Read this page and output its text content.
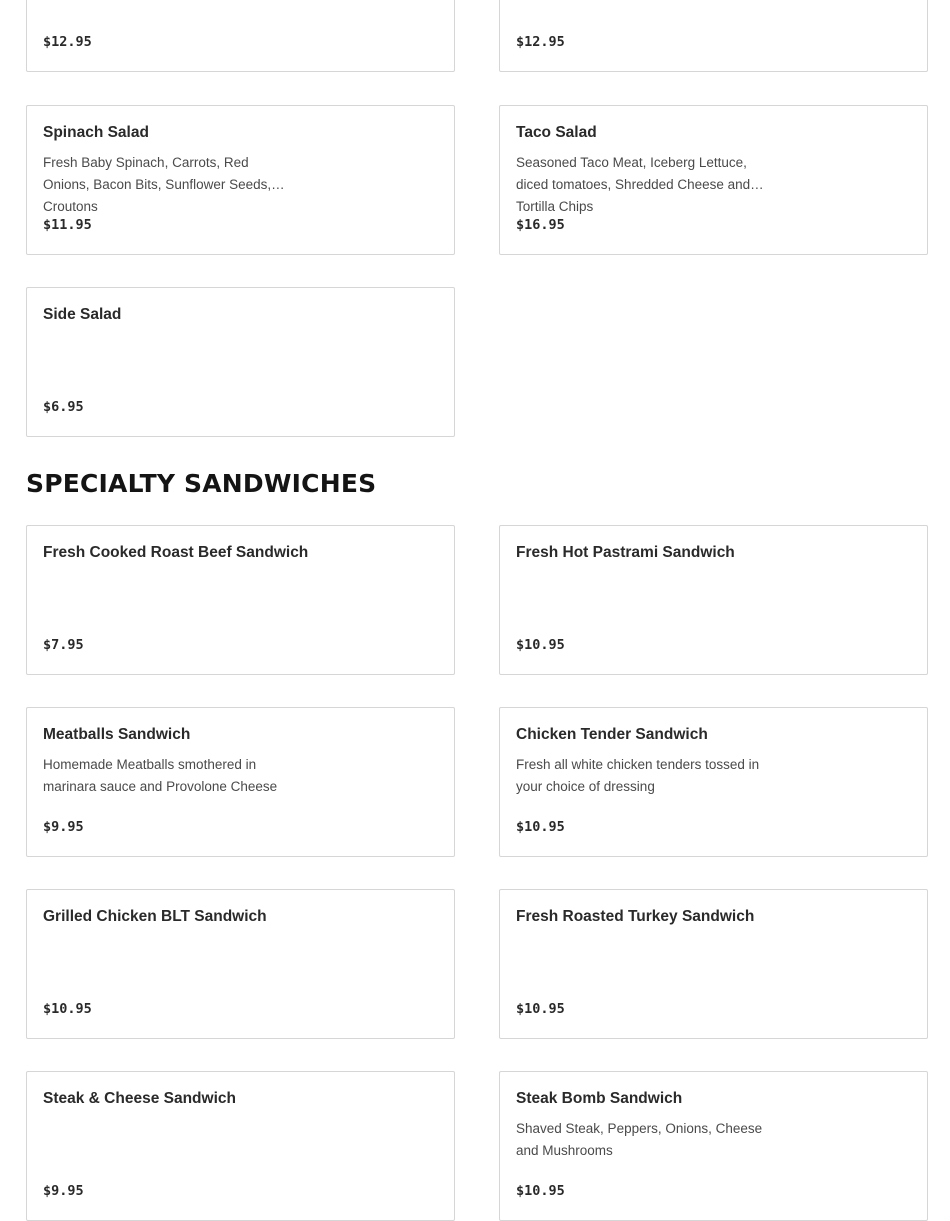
$12.95	$12.95
Spinach Salad
Fresh Baby Spinach, Carrots, Red Onions, Bacon Bits, Sunflower Seeds, Croutons
$11.95
Taco Salad
Seasoned Taco Meat, Iceberg Lettuce, diced tomatoes, Shredded Cheese and Tortilla Chips
$16.95
Side Salad
$6.95
SPECIALTY SANDWICHES
Fresh Cooked Roast Beef Sandwich
$7.95
Fresh Hot Pastrami Sandwich
$10.95
Meatballs Sandwich
Homemade Meatballs smothered in marinara sauce and Provolone Cheese
$9.95
Chicken Tender Sandwich
Fresh all white chicken tenders tossed in your choice of dressing
$10.95
Grilled Chicken BLT Sandwich
$10.95
Fresh Roasted Turkey Sandwich
$10.95
Steak & Cheese Sandwich
$9.95
Steak Bomb Sandwich
Shaved Steak, Peppers, Onions, Cheese and Mushrooms
$10.95
